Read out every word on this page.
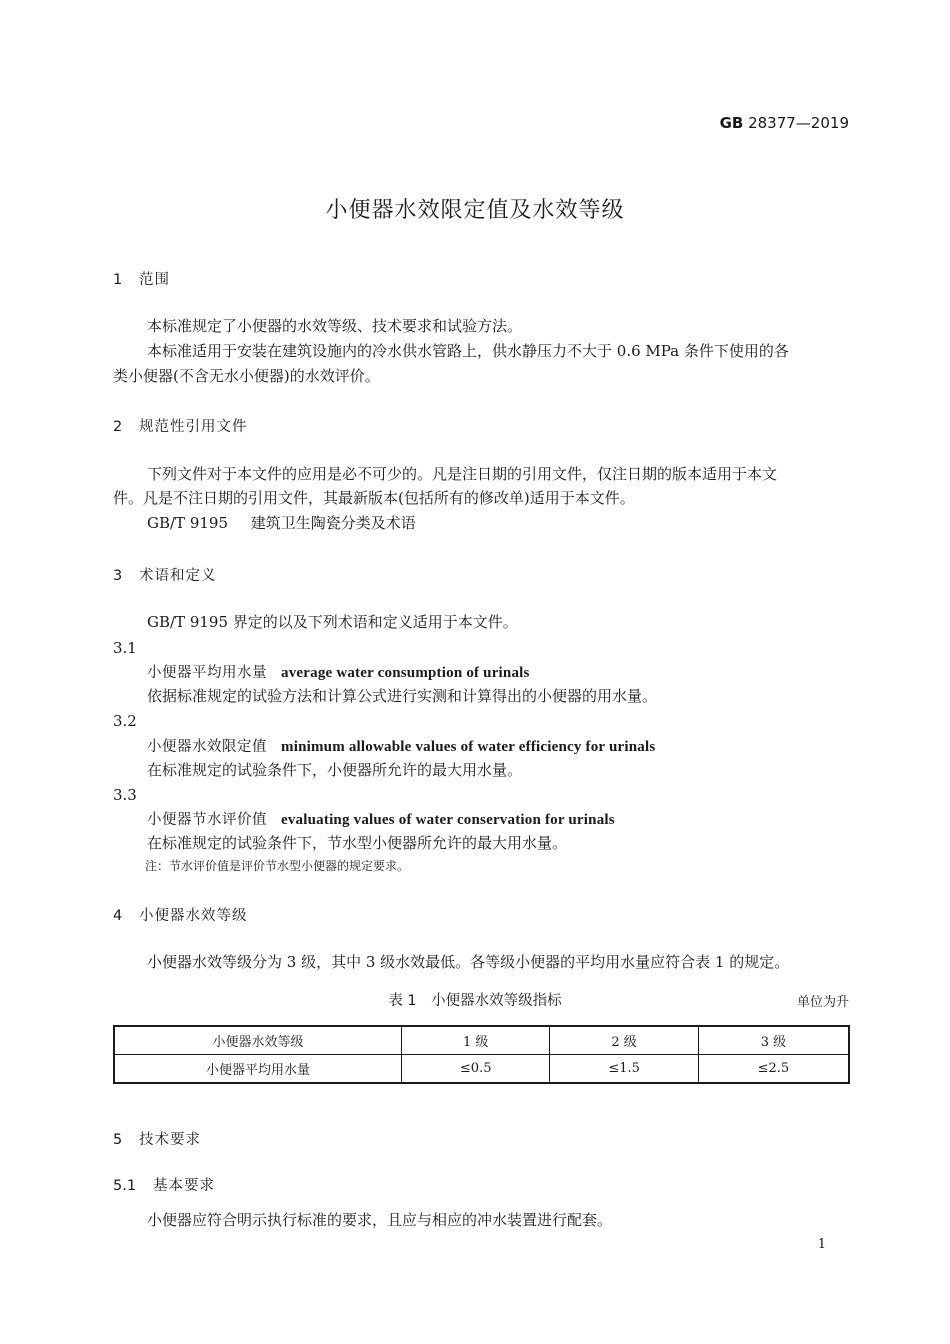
GB 28377—2019
小便器水效限定值及水效等级
1 范围
本标准规定了小便器的水效等级、技术要求和试验方法。
本标准适用于安装在建筑设施内的冷水供水管路上，供水静压力不大于 0.6 MPa 条件下使用的各
类小便器(不含无水小便器)的水效评价。
2 规范性引用文件
下列文件对于本文件的应用是必不可少的。凡是注日期的引用文件，仅注日期的版本适用于本文
件。凡是不注日期的引用文件，其最新版本(包括所有的修改单)适用于本文件。
GB/T 9195 建筑卫生陶瓷分类及术语
3 术语和定义
GB/T 9195 界定的以及下列术语和定义适用于本文件。
3.1
小便器平均用水量 average water consumption of urinals
依据标准规定的试验方法和计算公式进行实测和计算得出的小便器的用水量。
3.2
小便器水效限定值 minimum allowable values of water efficiency for urinals
在标准规定的试验条件下，小便器所允许的最大用水量。
3.3
小便器节水评价值 evaluating values of water conservation for urinals
在标准规定的试验条件下，节水型小便器所允许的最大用水量。
注：节水评价值是评价节水型小便器的规定要求。
4 小便器水效等级
小便器水效等级分为 3 级，其中 3 级水效最低。各等级小便器的平均用水量应符合表 1 的规定。
表 1　小便器水效等级指标	单位为升
小便器水效等级	1 级	2 级	3 级
小便器平均用水量	≤0.5	≤1.5	≤2.5
5 技术要求
5.1 基本要求
小便器应符合明示执行标准的要求，且应与相应的冲水装置进行配套。
1
